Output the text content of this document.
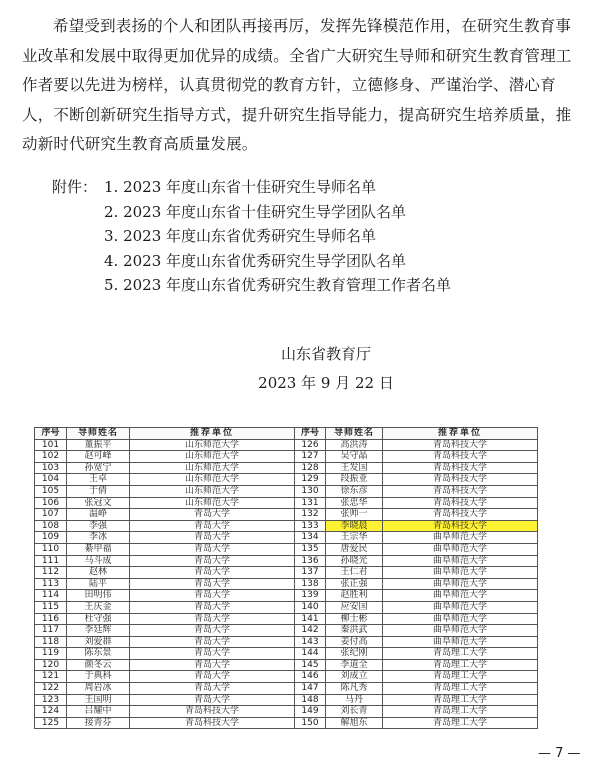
希望受到表扬的个人和团队再接再厉，发挥先锋模范作用，在研究生教育事业改革和发展中取得更加优异的成绩。全省广大研究生导师和研究生教育管理工作者要以先进为榜样，认真贯彻党的教育方针，立德修身、严谨治学、潜心育人，不断创新研究生指导方式，提升研究生指导能力，提高研究生培养质量，推动新时代研究生教育高质量发展。
附件： 1. 2023 年度山东省十佳研究生导师名单
2. 2023 年度山东省十佳研究生导学团队名单
3. 2023 年度山东省优秀研究生导师名单
4. 2023 年度山东省优秀研究生导学团队名单
5. 2023 年度山东省优秀研究生教育管理工作者名单
山东省教育厅
2023 年 9 月 22 日
序号	导师姓名	推荐单位	序号	导师姓名	推荐单位
101	董振平	山东师范大学	126	高洪涛	青岛科技大学
102	赵可峰	山东师范大学	127	吴守晶	青岛科技大学
103	孙宽宁	山东师范大学	128	王发国	青岛科技大学
104	王卓	山东师范大学	129	段振亚	青岛科技大学
105	于倩	山东师范大学	130	徐东彦	青岛科技大学
106	张冠文	山东师范大学	131	张忠华	青岛科技大学
107	温峥	青岛大学	132	张帅一	青岛科技大学
108	李强	青岛大学	133	李晓晨	青岛科技大学
109	李冰	青岛大学	134	王宗华	曲阜师范大学
110	綦甲福	青岛大学	135	唐爱民	曲阜师范大学
111	马斗成	青岛大学	136	孙晓光	曲阜师范大学
112	赵林	青岛大学	137	王仁君	曲阜师范大学
113	陆平	青岛大学	138	张正强	曲阜师范大学
114	田明伟	青岛大学	139	赵胜利	曲阜师范大学
115	王庆金	青岛大学	140	应安国	曲阜师范大学
116	杜守强	青岛大学	141	柳士彬	曲阜师范大学
117	李廷辉	青岛大学	142	秦洪武	曲阜师范大学
118	刘爱群	青岛大学	143	姜付高	曲阜师范大学
119	陈东景	青岛大学	144	张纪刚	青岛理工大学
120	颜冬云	青岛大学	145	李道全	青岛理工大学
121	于典科	青岛大学	146	刘成立	青岛理工大学
122	周岩冰	青岛大学	147	陈凡秀	青岛理工大学
123	王国明	青岛大学	148	马丹	青岛理工大学
124	吕耀中	青岛科技大学	149	刘长青	青岛理工大学
125	接青芬	青岛科技大学	150	解旭东	青岛理工大学
— 7 —
